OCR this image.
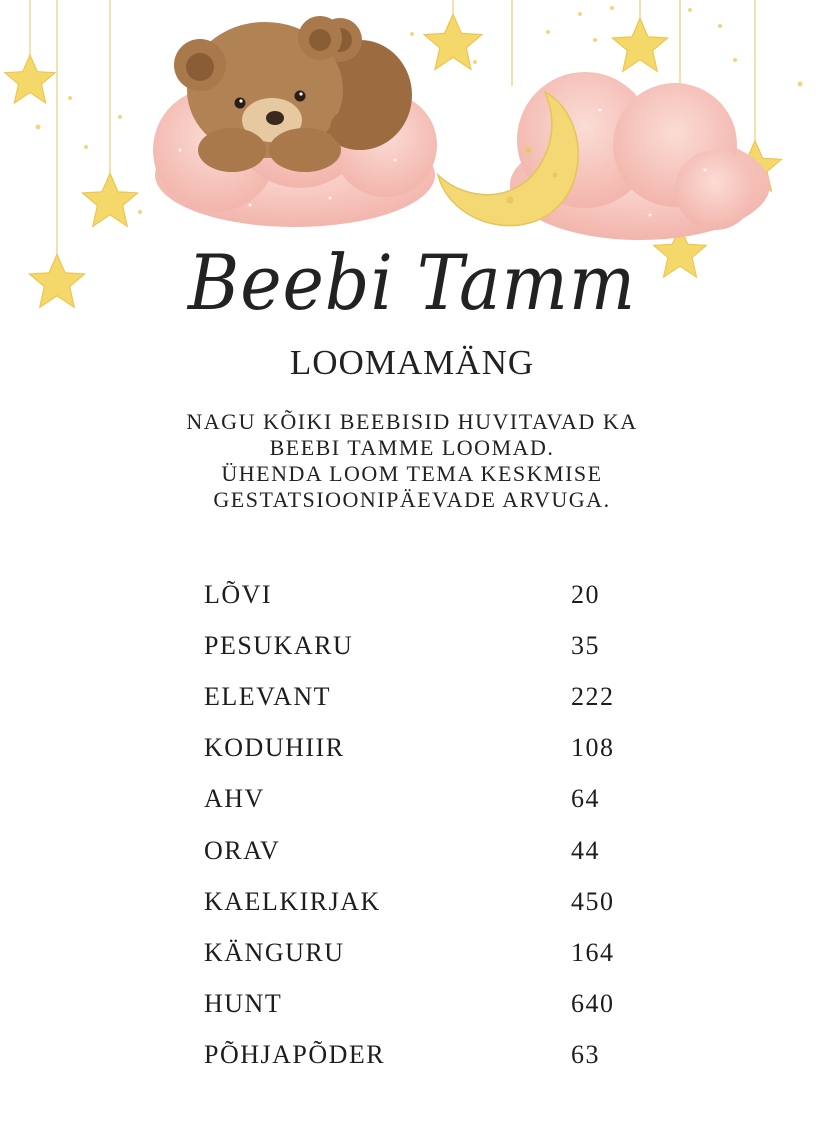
Beebi Tamm
LOOMAMÄNG
NAGU KÕIKI BEEBISID HUVITAVAD KA
BEEBI TAMME LOOMAD.
ÜHENDA LOOM TEMA KESKMISE
GESTATSIOONIPÄEVADE ARVUGA.
LÕVI	20
PESUKARU	35
ELEVANT	222
KODUHIIR	108
AHV	64
ORAV	44
KAELKIRJAK	450
KÄNGURU	164
HUNT	640
PÕHJAPÕDER	63
